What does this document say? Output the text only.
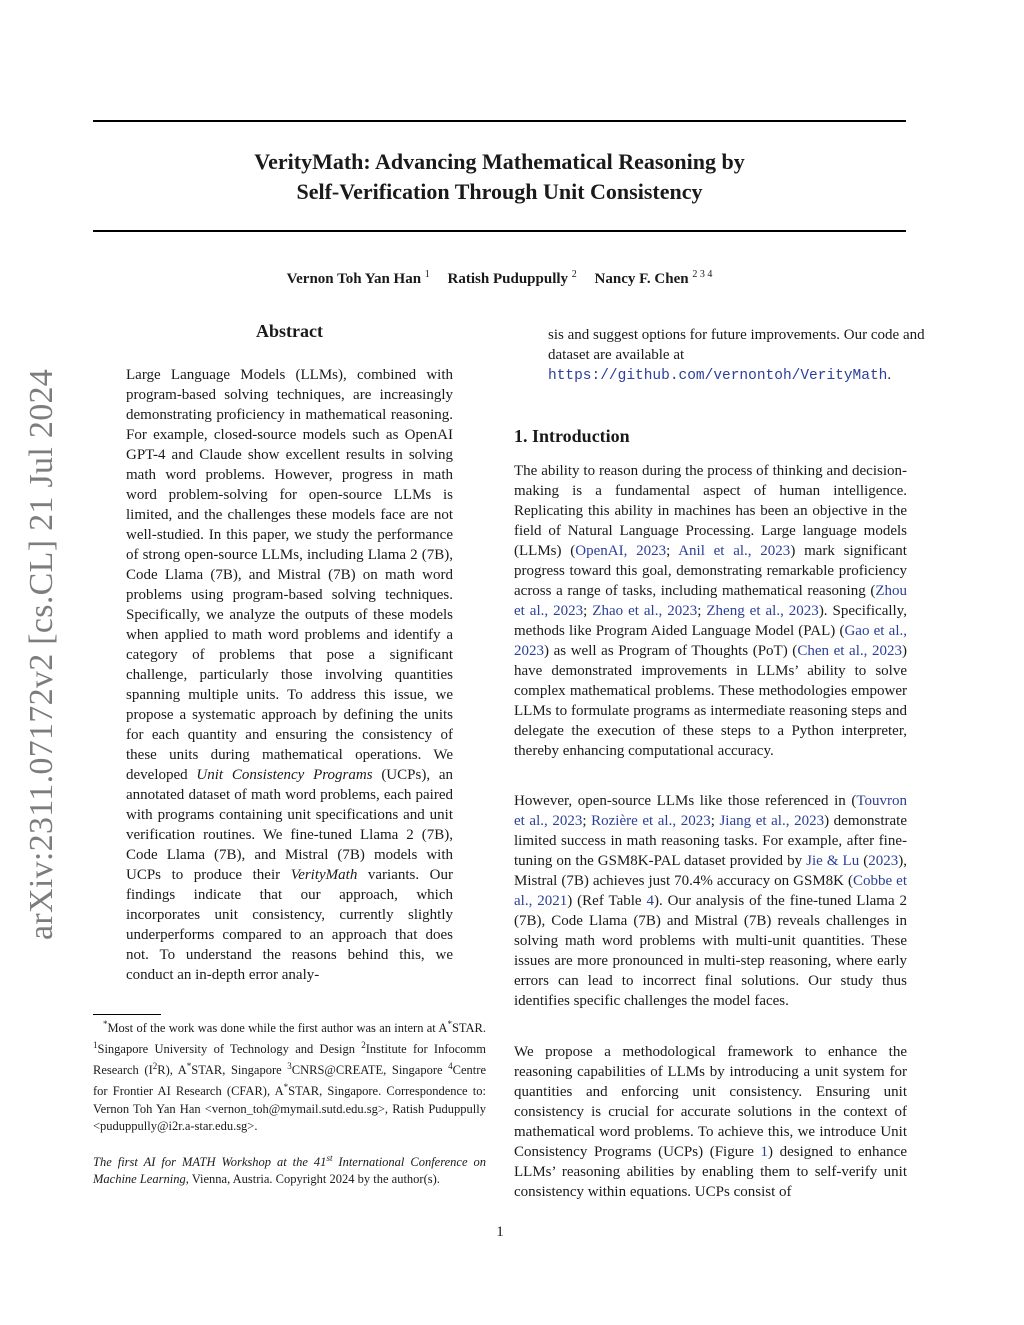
VerityMath: Advancing Mathematical Reasoning by
Self-Verification Through Unit Consistency
Vernon Toh Yan Han $^1$ Ratish Puduppully $^2$ Nancy F. Chen $^{2 3 4}$
arXiv:2311.07172v2 [cs.CL] 21 Jul 2024
Abstract

Large Language Models (LLMs), combined with program-based solving techniques, are increasingly demonstrating proficiency in mathematical reasoning. For example, closed-source models such as OpenAI GPT-4 and Claude show excellent results in solving math word problems. However, progress in math word problem-solving for open-source LLMs is limited, and the challenges these models face are not well-studied. In this paper, we study the performance of strong open-source LLMs, including Llama 2 (7B), Code Llama (7B), and Mistral (7B) on math word problems using program-based solving techniques. Specifically, we analyze the outputs of these models when applied to math word problems and identify a category of problems that pose a significant challenge, particularly those involving quantities spanning multiple units. To address this issue, we propose a systematic approach by defining the units for each quantity and ensuring the consistency of these units during mathematical operations. We developed Unit Consistency Programs (UCPs), an annotated dataset of math word problems, each paired with programs containing unit specifications and unit verification routines. We fine-tuned Llama 2 (7B), Code Llama (7B), and Mistral (7B) models with UCPs to produce their VerityMath variants. Our findings indicate that our approach, which incorporates unit consistency, currently slightly underperforms compared to an approach that does not. To understand the reasons behind this, we conduct an in-depth error analy-

*Most of the work was done while the first author was an intern at A*STAR. $^1$Singapore University of Technology and Design $^2$Institute for Infocomm Research $(I^2R)$, A*STAR, Singapore $^3$CNRS@CREATE, Singapore $^4$Centre for Frontier AI Research (CFAR), A*STAR, Singapore. Correspondence to: Vernon Toh Yan Han <vernon_toh@mymail.sutd.edu.sg>, Ratish Puduppully <puduppully@i2r.a-star.edu.sg>.

The first AI for MATH Workshop at the 41st International Conference on Machine Learning, Vienna, Austria. Copyright 2024 by the author(s).

sis and suggest options for future improvements. Our code and dataset are available at https://github.com/vernontoh/VerityMath.

1. Introduction

The ability to reason during the process of thinking and decision-making is a fundamental aspect of human intelligence. Replicating this ability in machines has been an objective in the field of Natural Language Processing. Large language models (LLMs) (OpenAI, 2023; Anil et al., 2023) mark significant progress toward this goal, demonstrating remarkable proficiency across a range of tasks, including mathematical reasoning (Zhou et al., 2023; Zhao et al., 2023; Zheng et al., 2023). Specifically, methods like Program Aided Language Model (PAL) (Gao et al., 2023) as well as Program of Thoughts (PoT) (Chen et al., 2023) have demonstrated improvements in LLMs’ ability to solve complex mathematical problems. These methodologies empower LLMs to formulate programs as intermediate reasoning steps and delegate the execution of these steps to a Python interpreter, thereby enhancing computational accuracy.

However, open-source LLMs like those referenced in (Touvron et al., 2023; Rozière et al., 2023; Jiang et al., 2023) demonstrate limited success in math reasoning tasks. For example, after fine-tuning on the GSM8K-PAL dataset provided by Jie & Lu (2023), Mistral (7B) achieves just 70.4% accuracy on GSM8K (Cobbe et al., 2021) (Ref Table 4). Our analysis of the fine-tuned Llama 2 (7B), Code Llama (7B) and Mistral (7B) reveals challenges in solving math word problems with multi-unit quantities. These issues are more pronounced in multi-step reasoning, where early errors can lead to incorrect final solutions. Our study thus identifies specific challenges the model faces.

We propose a methodological framework to enhance the reasoning capabilities of LLMs by introducing a unit system for quantities and enforcing unit consistency. Ensuring unit consistency is crucial for accurate solutions in the context of mathematical word problems. To achieve this, we introduce Unit Consistency Programs (UCPs) (Figure 1) designed to enhance LLMs’ reasoning abilities by enabling them to self-verify unit consistency within equations. UCPs consist of

1
